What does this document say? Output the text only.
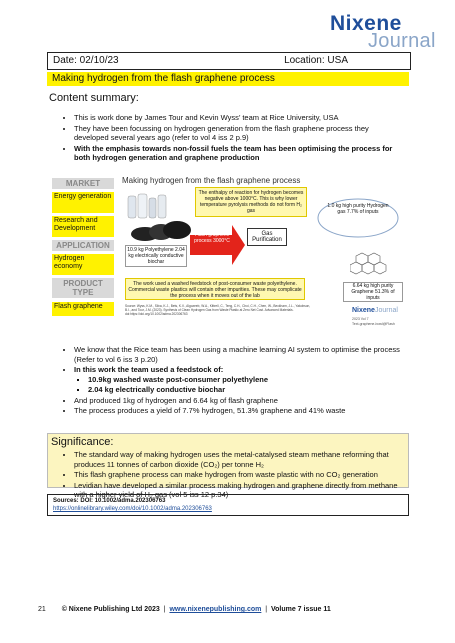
Nixene
Journal
Date: 02/10/23	Location: USA
Making hydrogen from the flash graphene process
Content summary:
• This is work done by James Tour and Kevin Wyss’ team at Rice University, USA
• They have been focussing on hydrogen generation from the flash graphene process they developed several years ago (refer to vol 4 iss 2 p.9)
• With the emphasis towards non-fossil fuels the team has been optimising the process for both hydrogen generation and graphene production
MARKET
Energy generation
Research and Development
APPLICATION
Hydrogen economy
PRODUCT TYPE
Flash graphene
Making hydrogen from the flash graphene process
The enthalpy of reaction for hydrogen becomes negative above 1000°C. This is why lower temperature pyrolysis methods do not form H₂ gas
10.9 kg Polyethylene 2.04 kg electrically conductive biochar
Flash graphene process 3000°C
Gas Purification
1.0 kg high purity Hydrogen gas 7.7% of inputs
6.64 kg high purity Graphene 51.3% of inputs
The work used a washed feedstock of post-consumer waste polyethylene. Commercial waste plastics will contain other impurities. These may complicate the process when it moves out of the lab
Source: Wyss, K.M., Silva, K.J., Bets, K.V., Algozeeb, W.A., Kittrell, C., Teng, C.H., Choi, C.H., Chen, W., Beckham, J.L., Yakobson, B.I., and Tour, J.M. (2023). Synthesis of Clean Hydrogen Gas from Waste Plastic at Zero Net Cost. Advanced Materials. doi:https://doi.org/10.1002/adma.202306763	NixeneJournal
2023 Vol 7
Text-graphene-bowl@Flash
• We know that the Rice team has been using a machine learning AI system to optimise the process (Refer to vol 6 iss 3 p.20)
• In this work the team used a feedstock of:
▪ 10.9kg washed waste post-consumer polyethylene
▪ 2.04 kg electrically conductive biochar
• And produced 1kg of hydrogen and 6.64 kg of flash graphene
• The process produces a yield of 7.7% hydrogen, 51.3% graphene and 41% waste
Significance:
• The standard way of making hydrogen uses the metal-catalysed steam methane reforming that produces 11 tonnes of carbon dioxide (CO₂) per tonne H₂
• This flash graphene process can make hydrogen from waste plastic with no CO₂ generation
• Levidian have developed a similar process making hydrogen and graphene directly from methane with a higher yield of H₂ gas (vol 5 iss 12 p.34)
Sources: DOI: 10.1002/adma.202306763
https://onlinelibrary.wiley.com/doi/10.1002/adma.202306763
21 © Nixene Publishing Ltd 2023 | www.nixenepublishing.com | Volume 7 issue 11
